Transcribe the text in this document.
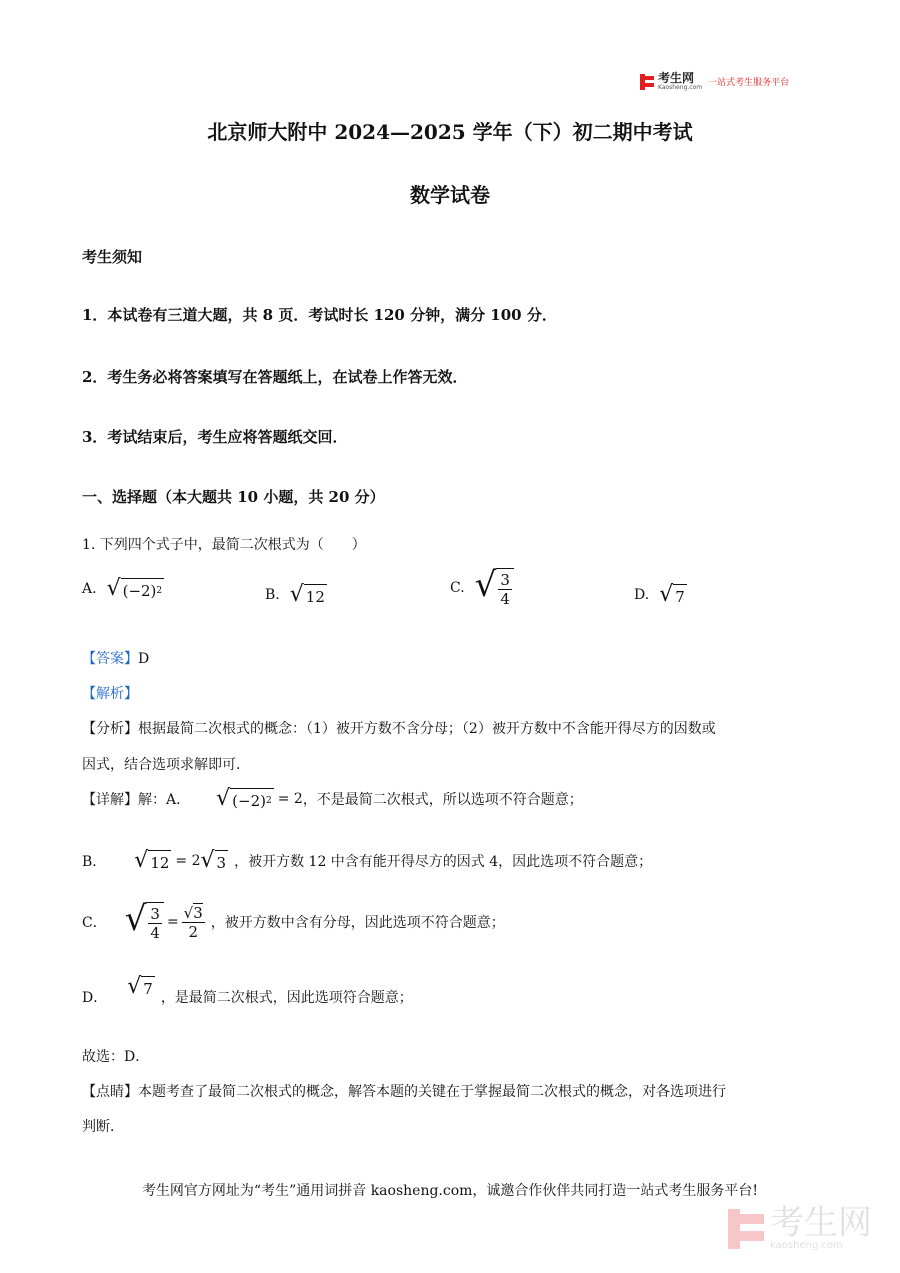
考生网
Kaosheng.com 一站式考生服务平台
北京师大附中 2024—2025 学年（下）初二期中考试
数学试卷
考生须知
1．本试卷有三道大题，共 8 页．考试时长 120 分钟，满分 100 分．
2．考生务必将答案填写在答题纸上，在试卷上作答无效．
3．考试结束后，考生应将答题纸交回．
一、选择题（本大题共 10 小题，共 20 分）
1. 下列四个式子中，最简二次根式为（　　）
A. √ (−2) 2	B. √ 12	C. √ $\frac{3}{4}$	D. √ 7
【答案】D
【解析】
【分析】根据最简二次根式的概念：（1）被开方数不含分母；（2）被开方数中不含能开得尽方的因数或
因式，结合选项求解即可．
【详解】 解：A． √ (−2) 2 = 2 ，不是最简二次根式，所以选项不符合题意；
B． √ 12 = 2 √ 3 ，被开方数 12 中含有能开得尽方的因式 4，因此选项不符合题意；
C． √ $\frac{3}{4} = \frac{√3}{2}$ ，被开方数中含有分母，因此选项不符合题意；
D． √ 7
，是最简二次根式，因此选项符合题意；
故选：D．
【点睛】本题考查了最简二次根式的概念，解答本题的关键在于掌握最简二次根式的概念，对各选项进行
判断．
考生网官方网址为“考生”通用词拼音 kaosheng.com，诚邀合作伙伴共同打造一站式考生服务平台!
考生网
kaosheng.com
